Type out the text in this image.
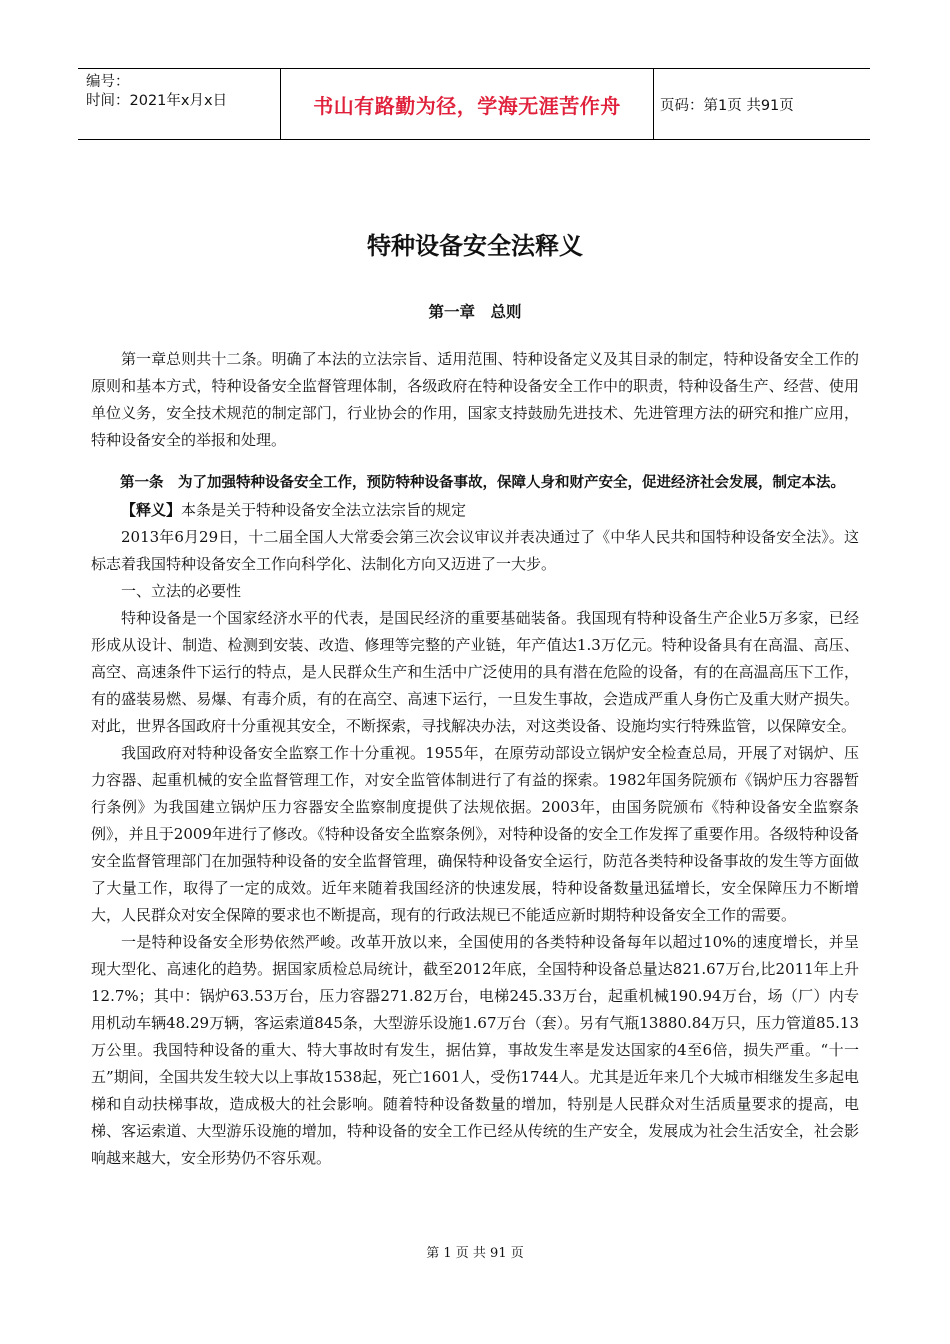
编号：
时间：2021年x月x日	书山有路勤为径，学海无涯苦作舟	页码：第1页 共91页
特种设备安全法释义
第一章　总则

第一章总则共十二条。明确了本法的立法宗旨、适用范围、特种设备定义及其目录的制定，特种设备安全工作的原则和基本方式，特种设备安全监督管理体制，各级政府在特种设备安全工作中的职责，特种设备生产、经营、使用单位义务，安全技术规范的制定部门，行业协会的作用，国家支持鼓励先进技术、先进管理方法的研究和推广应用，特种设备安全的举报和处理。

第一条　为了加强特种设备安全工作，预防特种设备事故，保障人身和财产安全，促进经济社会发展，制定本法。

【释义】本条是关于特种设备安全法立法宗旨的规定

2013年6月29日，十二届全国人大常委会第三次会议审议并表决通过了《中华人民共和国特种设备安全法》。这标志着我国特种设备安全工作向科学化、法制化方向又迈进了一大步。

一、立法的必要性

特种设备是一个国家经济水平的代表，是国民经济的重要基础装备。我国现有特种设备生产企业5万多家，已经形成从设计、制造、检测到安装、改造、修理等完整的产业链，年产值达1.3万亿元。特种设备具有在高温、高压、高空、高速条件下运行的特点，是人民群众生产和生活中广泛使用的具有潜在危险的设备，有的在高温高压下工作，有的盛装易燃、易爆、有毒介质，有的在高空、高速下运行，一旦发生事故，会造成严重人身伤亡及重大财产损失。对此，世界各国政府十分重视其安全，不断探索，寻找解决办法，对这类设备、设施均实行特殊监管，以保障安全。

我国政府对特种设备安全监察工作十分重视。1955年，在原劳动部设立锅炉安全检查总局，开展了对锅炉、压力容器、起重机械的安全监督管理工作，对安全监管体制进行了有益的探索。1982年国务院颁布《锅炉压力容器暂行条例》为我国建立锅炉压力容器安全监察制度提供了法规依据。2003年，由国务院颁布《特种设备安全监察条例》，并且于2009年进行了修改。《特种设备安全监察条例》，对特种设备的安全工作发挥了重要作用。各级特种设备安全监督管理部门在加强特种设备的安全监督管理，确保特种设备安全运行，防范各类特种设备事故的发生等方面做了大量工作，取得了一定的成效。近年来随着我国经济的快速发展，特种设备数量迅猛增长，安全保障压力不断增大，人民群众对安全保障的要求也不断提高，现有的行政法规已不能适应新时期特种设备安全工作的需要。

一是特种设备安全形势依然严峻。改革开放以来，全国使用的各类特种设备每年以超过10%的速度增长，并呈现大型化、高速化的趋势。据国家质检总局统计，截至2012年底，全国特种设备总量达821.67万台,比2011年上升12.7%；其中：锅炉63.53万台，压力容器271.82万台，电梯245.33万台，起重机械190.94万台，场（厂）内专用机动车辆48.29万辆，客运索道845条，大型游乐设施1.67万台（套）。另有气瓶13880.84万只，压力管道85.13万公里。我国特种设备的重大、特大事故时有发生，据估算，事故发生率是发达国家的4至6倍，损失严重。“十一五”期间，全国共发生较大以上事故1538起，死亡1601人，受伤1744人。尤其是近年来几个大城市相继发生多起电梯和自动扶梯事故，造成极大的社会影响。随着特种设备数量的增加，特别是人民群众对生活质量要求的提高，电梯、客运索道、大型游乐设施的增加，特种设备的安全工作已经从传统的生产安全，发展成为社会生活安全，社会影响越来越大，安全形势仍不容乐观。

第 1 页 共 91 页
